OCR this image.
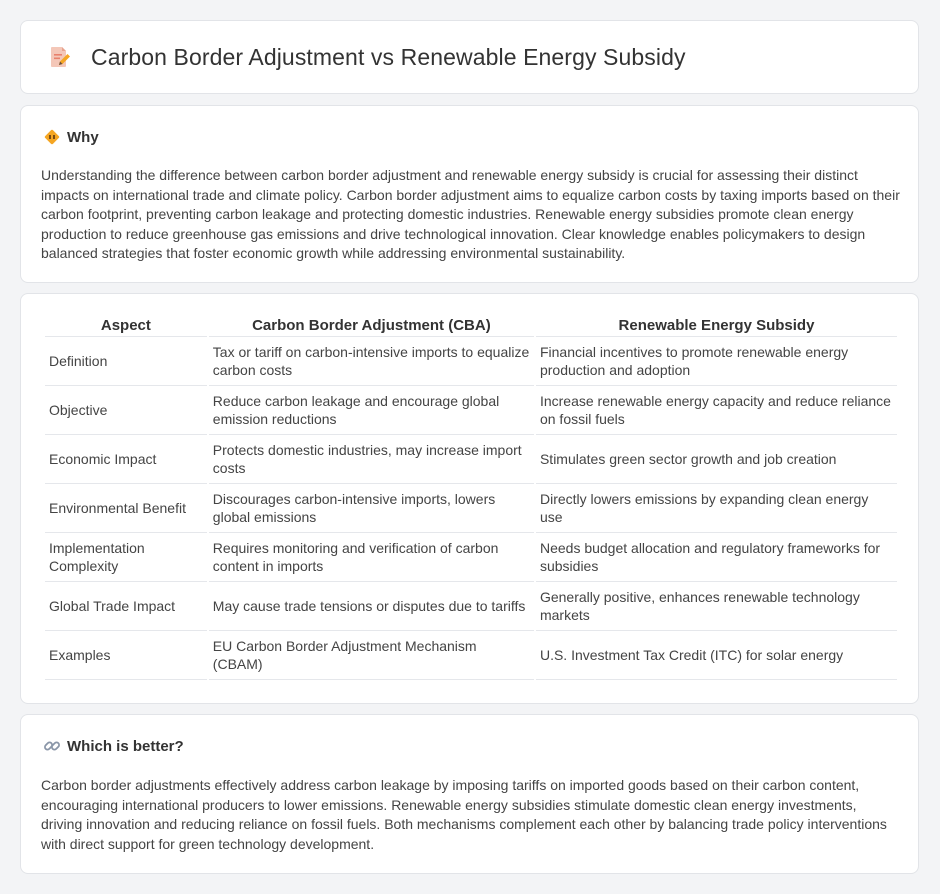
Carbon Border Adjustment vs Renewable Energy Subsidy
Why

Understanding the difference between carbon border adjustment and renewable energy subsidy is crucial for assessing their distinct impacts on international trade and climate policy. Carbon border adjustment aims to equalize carbon costs by taxing imports based on their carbon footprint, preventing carbon leakage and protecting domestic industries. Renewable energy subsidies promote clean energy production to reduce greenhouse gas emissions and drive technological innovation. Clear knowledge enables policymakers to design balanced strategies that foster economic growth while addressing environmental sustainability.

Aspect	Carbon Border Adjustment (CBA)	Renewable Energy Subsidy
Definition	Tax or tariff on carbon-intensive imports to equalize carbon costs	Financial incentives to promote renewable energy production and adoption
Objective	Reduce carbon leakage and encourage global emission reductions	Increase renewable energy capacity and reduce reliance on fossil fuels
Economic Impact	Protects domestic industries, may increase import costs	Stimulates green sector growth and job creation
Environmental Benefit	Discourages carbon-intensive imports, lowers global emissions	Directly lowers emissions by expanding clean energy use
Implementation Complexity	Requires monitoring and verification of carbon content in imports	Needs budget allocation and regulatory frameworks for subsidies
Global Trade Impact	May cause trade tensions or disputes due to tariffs	Generally positive, enhances renewable technology markets
Examples	EU Carbon Border Adjustment Mechanism (CBAM)	U.S. Investment Tax Credit (ITC) for solar energy
Which is better?

Carbon border adjustments effectively address carbon leakage by imposing tariffs on imported goods based on their carbon content, encouraging international producers to lower emissions. Renewable energy subsidies stimulate domestic clean energy investments, driving innovation and reducing reliance on fossil fuels. Both mechanisms complement each other by balancing trade policy interventions with direct support for green technology development.
